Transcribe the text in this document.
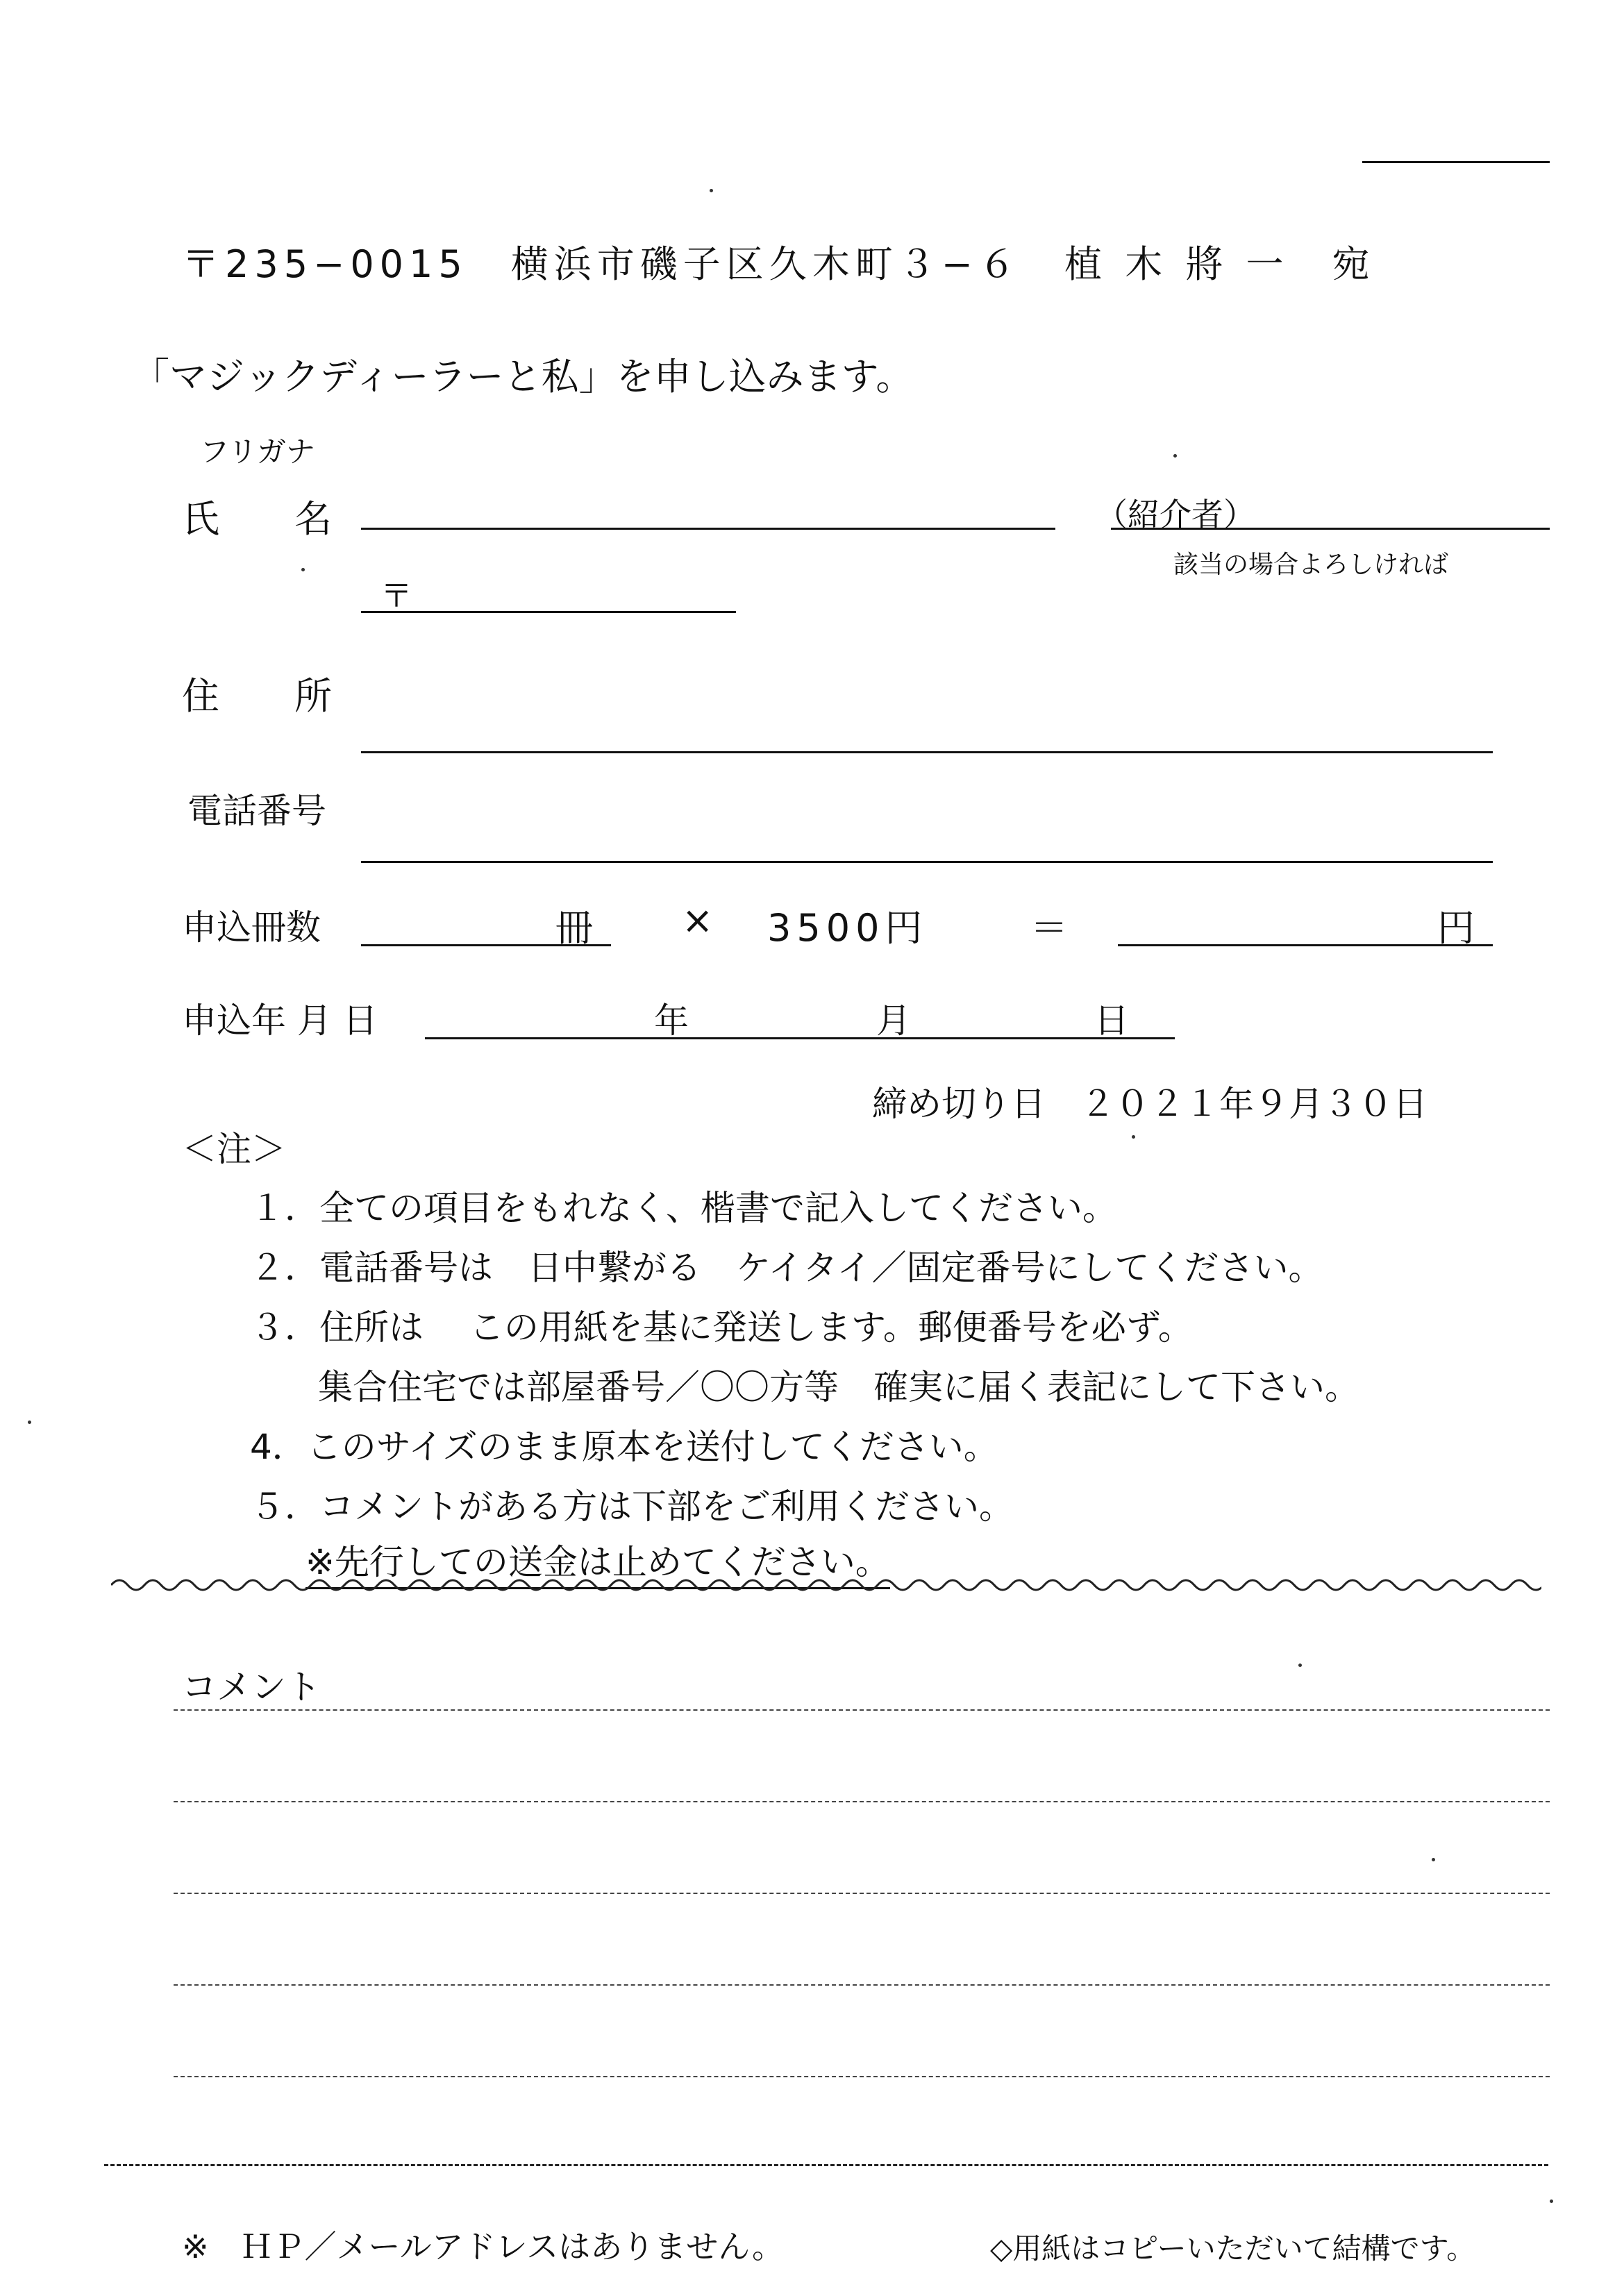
〒235−0015　横浜市磯子区久木町３−６　植 木 將 一　宛
「マジックディーラーと私」を申し込みます。
フリガナ
氏　　名	（紹介者）
該当の場合よろしければ
〒
住　　所
電話番号
申込冊数	冊 × 3500円	＝	円
申込年 月 日	年	月	日
締め切り日　２０２１年９月３０日
＜注＞
１．全ての項目をもれなく、楷書で記入してください。
２．電話番号は　日中繋がる　ケイタイ／固定番号にしてください。
３．住所は　 この用紙を基に発送します。郵便番号を必ず。
集合住宅では部屋番号／〇〇方等　確実に届く表記にして下さい。
4．このサイズのまま原本を送付してください。
５．コメントがある方は下部をご利用ください。
※先行しての送金は止めてください。
コメント
※　ＨＰ／メールアドレスはありません。	◇用紙はコピーいただいて結構です。
